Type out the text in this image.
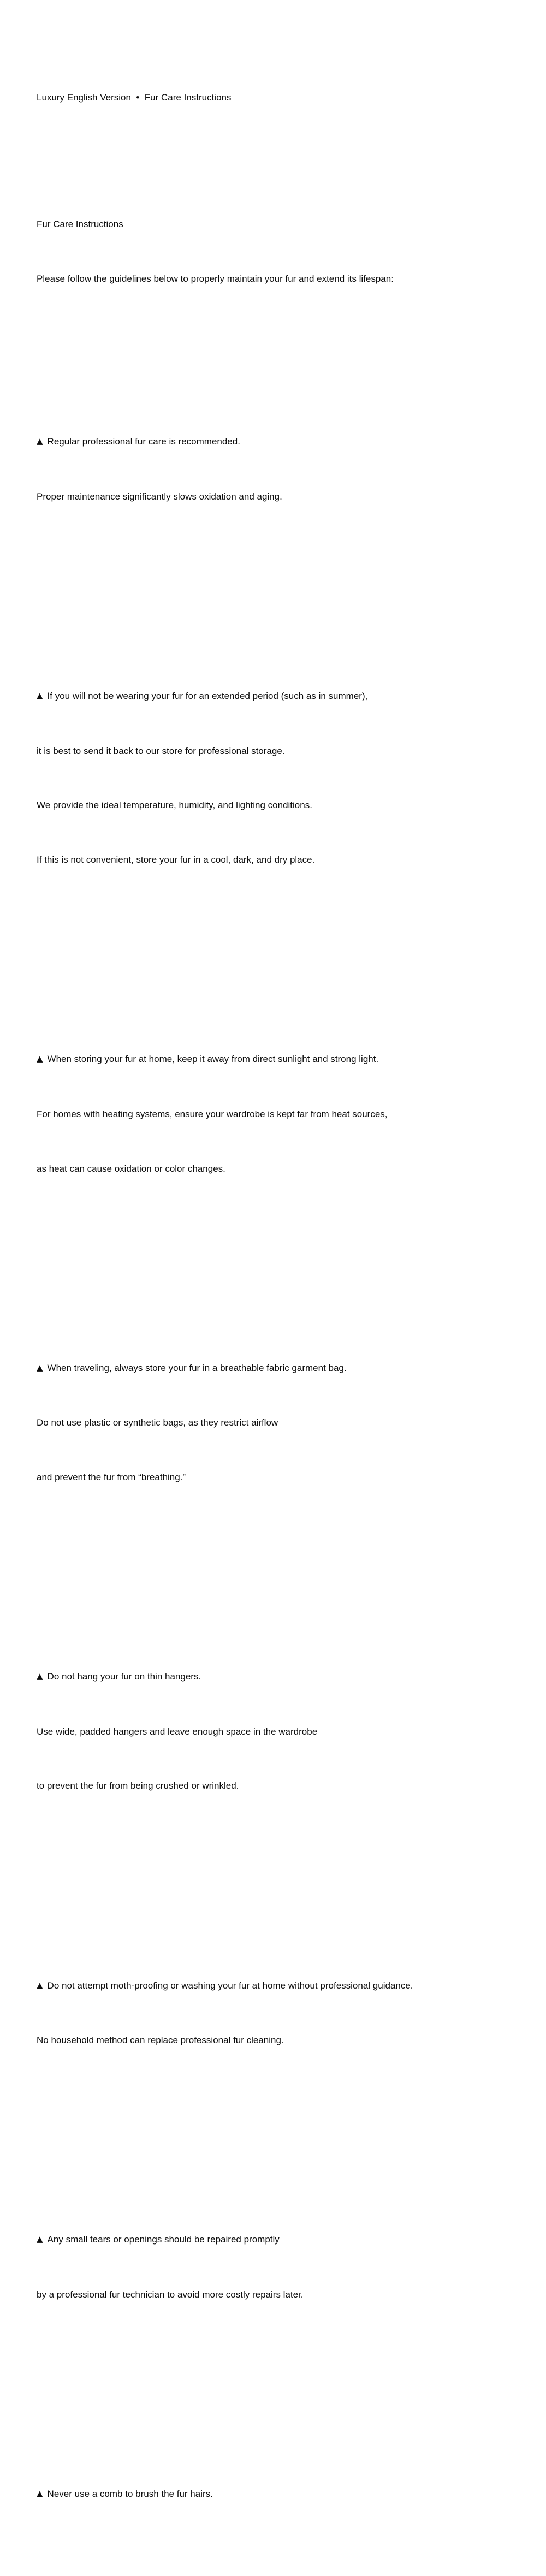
Luxury English Version  •  Fur Care Instructions

Fur Care Instructions

Please follow the guidelines below to properly maintain your fur and extend its lifespan:

▲ Regular professional fur care is recommended.

Proper maintenance significantly slows oxidation and aging.

▲ If you will not be wearing your fur for an extended period (such as in summer),

it is best to send it back to our store for professional storage.

We provide the ideal temperature, humidity, and lighting conditions.

If this is not convenient, store your fur in a cool, dark, and dry place.

▲ When storing your fur at home, keep it away from direct sunlight and strong light.

For homes with heating systems, ensure your wardrobe is kept far from heat sources,

as heat can cause oxidation or color changes.

▲ When traveling, always store your fur in a breathable fabric garment bag.

Do not use plastic or synthetic bags, as they restrict airflow

and prevent the fur from “breathing.”

▲ Do not hang your fur on thin hangers.

Use wide, padded hangers and leave enough space in the wardrobe

to prevent the fur from being crushed or wrinkled.

▲ Do not attempt moth-proofing or washing your fur at home without professional guidance.

No household method can replace professional fur cleaning.

▲ Any small tears or openings should be repaired promptly

by a professional fur technician to avoid more costly repairs later.

▲ Never use a comb to brush the fur hairs.
